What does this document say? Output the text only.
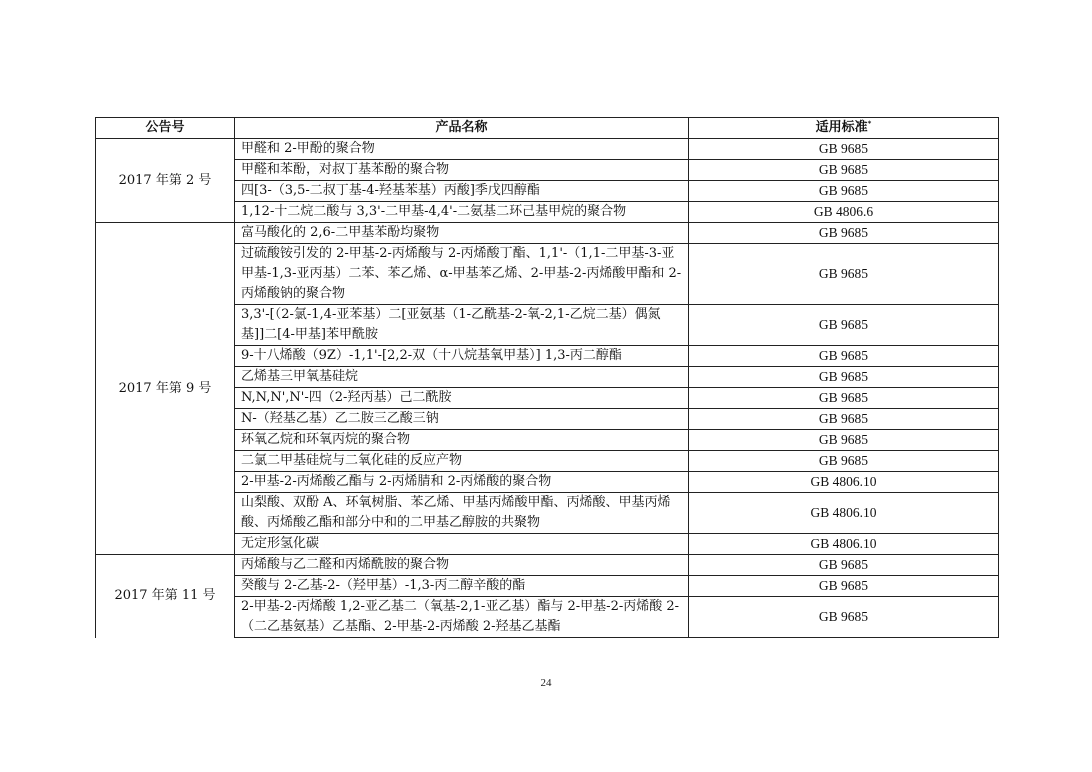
公告号	产品名称	适用标准*
2017 年第 2 号	甲醛和 2-甲酚的聚合物	GB 9685
	甲醛和苯酚，对叔丁基苯酚的聚合物	GB 9685
	四[3-（3,5-二叔丁基-4-羟基苯基）丙酸]季戊四醇酯	GB 9685
	1,12-十二烷二酸与 3,3'-二甲基-4,4'-二氨基二环己基甲烷的聚合物	GB 4806.6
2017 年第 9 号	富马酸化的 2,6-二甲基苯酚均聚物	GB 9685
	过硫酸铵引发的 2-甲基-2-丙烯酸与 2-丙烯酸丁酯、1,1'-（1,1-二甲基-3-亚甲基-1,3-亚丙基）二苯、苯乙烯、α-甲基苯乙烯、2-甲基-2-丙烯酸甲酯和 2-丙烯酸钠的聚合物	GB 9685
	3,3'-[（2-氯-1,4-亚苯基）二[亚氨基（1-乙酰基-2-氧-2,1-乙烷二基）偶氮基]]二[4-甲基]苯甲酰胺	GB 9685
	9-十八烯酸（9Z）-1,1'-[2,2-双（十八烷基氧甲基）] 1,3-丙二醇酯	GB 9685
	乙烯基三甲氧基硅烷	GB 9685
	N,N,N',N'-四（2-羟丙基）己二酰胺	GB 9685
	N-（羟基乙基）乙二胺三乙酸三钠	GB 9685
	环氧乙烷和环氧丙烷的聚合物	GB 9685
	二氯二甲基硅烷与二氧化硅的反应产物	GB 9685
	2-甲基-2-丙烯酸乙酯与 2-丙烯腈和 2-丙烯酸的聚合物	GB 4806.10
	山梨酸、双酚 A、环氧树脂、苯乙烯、甲基丙烯酸甲酯、丙烯酸、甲基丙烯酸、丙烯酸乙酯和部分中和的二甲基乙醇胺的共聚物	GB 4806.10
	无定形氢化碳	GB 4806.10
2017 年第 11 号	丙烯酸与乙二醛和丙烯酰胺的聚合物	GB 9685
	癸酸与 2-乙基-2-（羟甲基）-1,3-丙二醇辛酸的酯	GB 9685
	2-甲基-2-丙烯酸 1,2-亚乙基二（氧基-2,1-亚乙基）酯与 2-甲基-2-丙烯酸 2-（二乙基氨基）乙基酯、2-甲基-2-丙烯酸 2-羟基乙基酯	GB 9685
24
